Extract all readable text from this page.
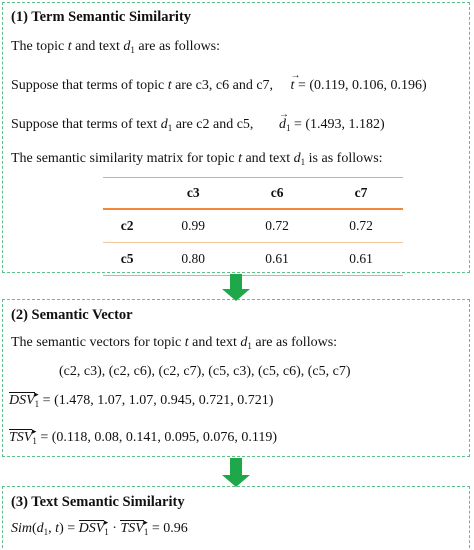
(1) Term Semantic Similarity
The topic t and text $d_1$ are as follows:
Suppose that terms of topic t are c3, c6 and c7,
→
t = (0.119, 0.106, 0.196)
Suppose that terms of text $d_1$ are c2 and c5,
→
$d_1 = (1.493$, 1.182)
The semantic similarity matrix for topic t and text $d_1$ is as follows:
	c3	c6	c7
c2	0.99	0.72	0.72
c5	0.80	0.61	0.61
(2) Semantic Vector
The semantic vectors for topic t and text $d_1$ are as follows:
(c2, c3), (c2, c6), (c2, c7), (c5, c3), (c5, c6), (c5, c7)
DSV ▸
$_1$ = (1.478, 1.07, 1.07, 0.945, 0.721, 0.721)
TSV ▸
$_1$ = (0.118, 0.08, 0.141, 0.095, 0.076, 0.119)
(3) Text Semantic Similarity
$Sim(d_1$, t) = DSV ▸
$_1$ · TSV ▸
$_1$ = 0.96
